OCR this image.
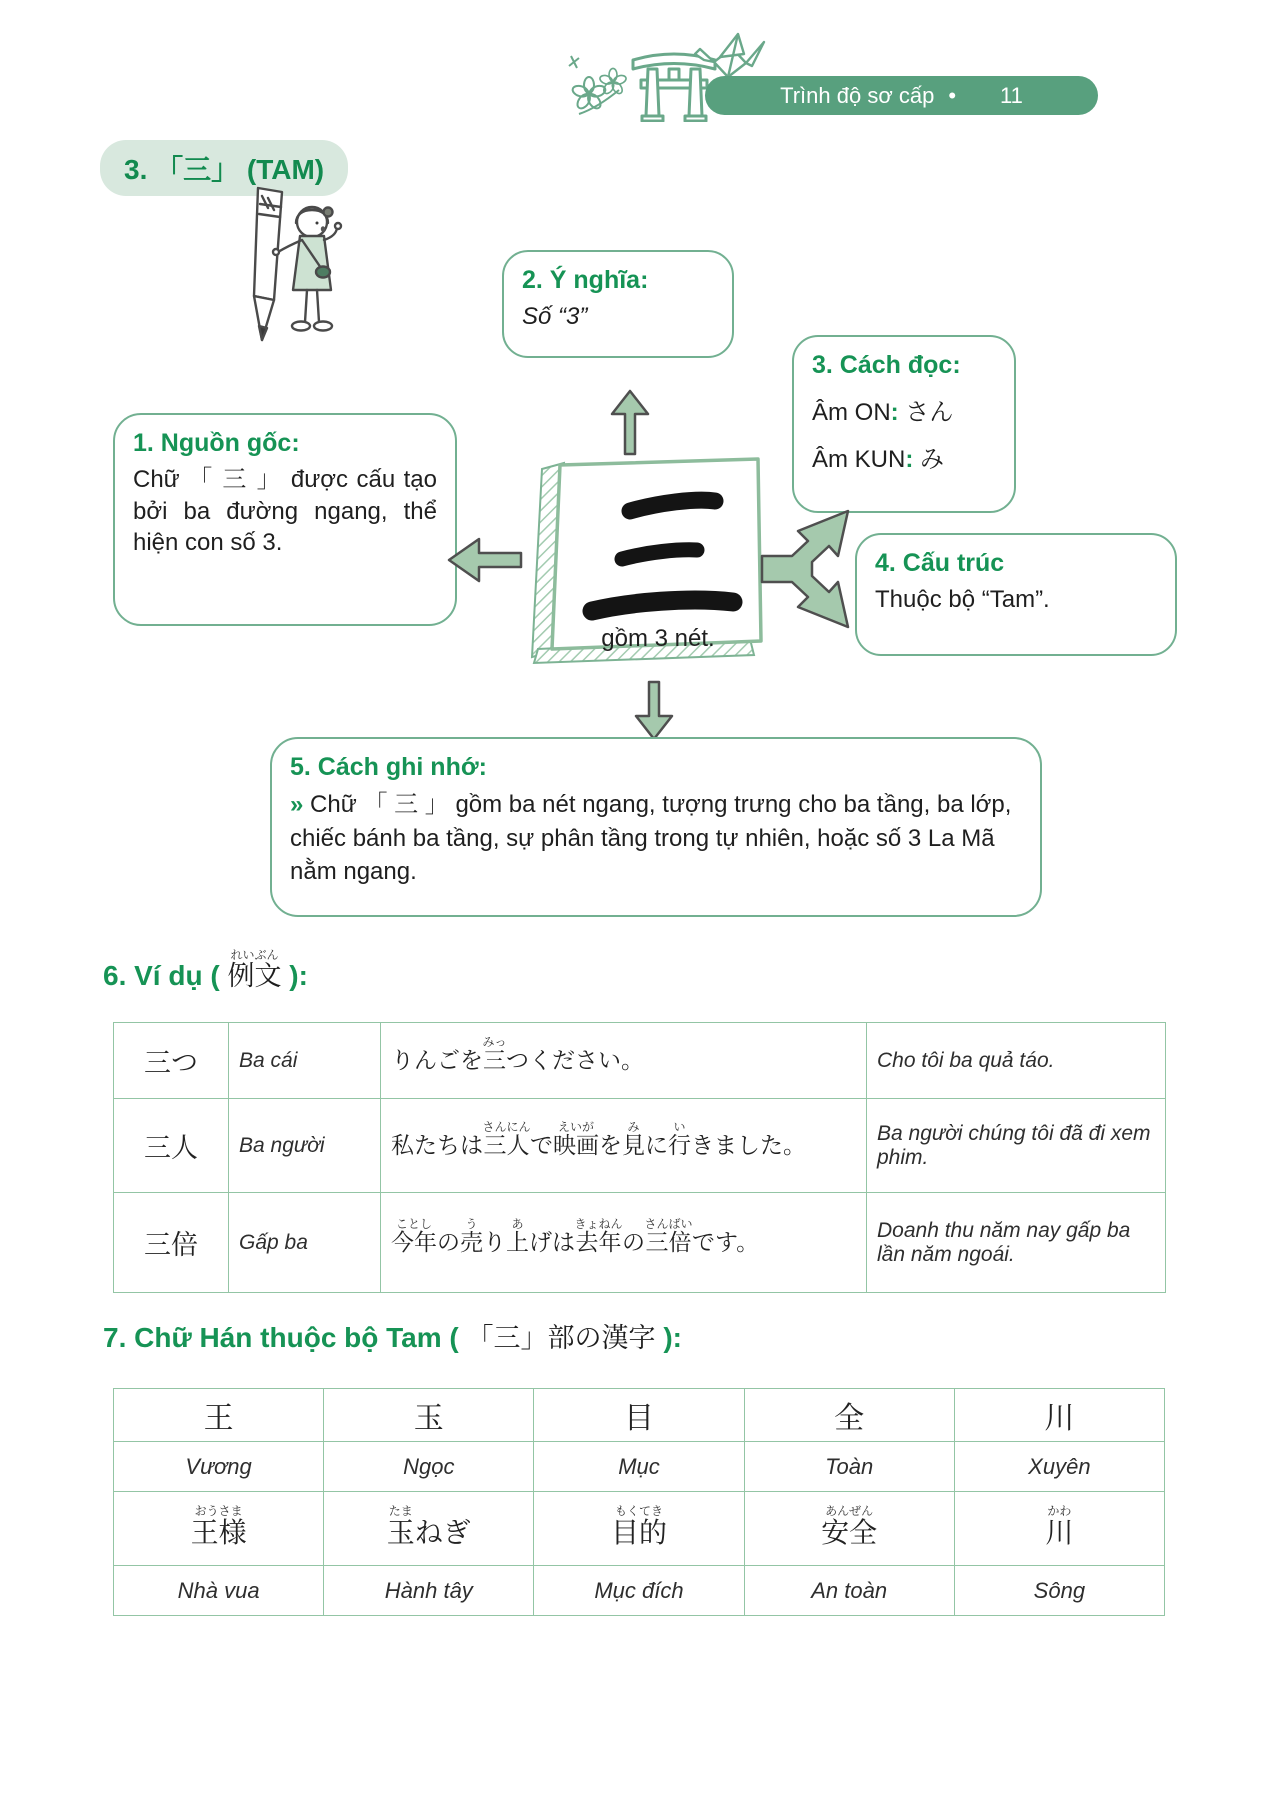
Trình độ sơ cấp • 11
3. 「三」 (TAM)
2. Ý nghĩa:
Số “3”
3. Cách đọc:
Âm ON: さん
Âm KUN: み
1. Nguồn gốc:
Chữ 「 三 」 được cấu tạo bởi ba đường ngang, thể hiện con số 3.
4. Cấu trúc
Thuộc bộ “Tam”.
gồm 3 nét.
5. Cách ghi nhớ:
» Chữ 「 三 」 gồm ba nét ngang, tượng trưng cho ba tầng, ba lớp, chiếc bánh ba tầng, sự phân tầng trong tự nhiên, hoặc số 3 La Mã nằm ngang.
6. Ví dụ ( 例文れいぶん ):
三つ	Ba cái	りんごを三みっつください。	Cho tôi ba quả táo.
三人	Ba người	私たちは三人さんにんで映画えいがを見みに行いきました。	Ba người chúng tôi đã đi xem phim.
三倍	Gấp ba	今年ことしの売うり上あげは去年きょねんの三倍さんばいです。	Doanh thu năm nay gấp ba lần năm ngoái.
7. Chữ Hán thuộc bộ Tam ( 「三」部の漢字 ):
王	玉	目	全	川
Vương	Ngọc	Mục	Toàn	Xuyên
王様おうさま	玉たまねぎ	目的もくてき	安全あんぜん	川かわ
Nhà vua	Hành tây	Mục đích	An toàn	Sông
